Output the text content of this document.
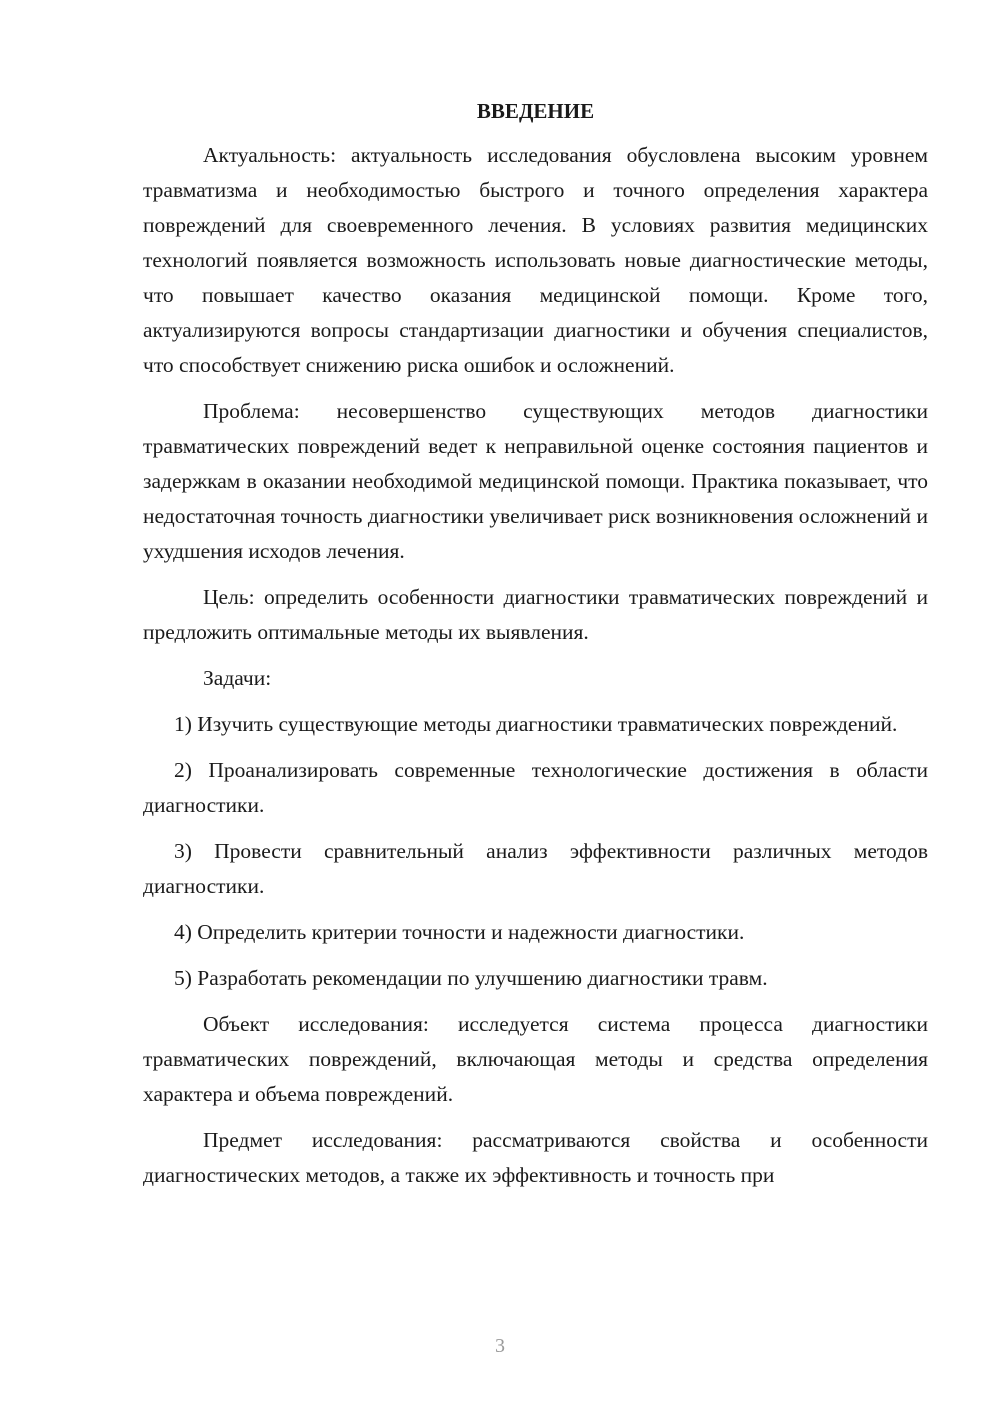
ВВЕДЕНИЕ

Актуальность: актуальность исследования обусловлена высоким уровнем травматизма и необходимостью быстрого и точного определения характера повреждений для своевременного лечения. В условиях развития медицинских технологий появляется возможность использовать новые диагностические методы, что повышает качество оказания медицинской помощи. Кроме того, актуализируются вопросы стандартизации диагностики и обучения специалистов, что способствует снижению риска ошибок и осложнений.

Проблема: несовершенство существующих методов диагностики травматических повреждений ведет к неправильной оценке состояния пациентов и задержкам в оказании необходимой медицинской помощи. Практика показывает, что недостаточная точность диагностики увеличивает риск возникновения осложнений и ухудшения исходов лечения.

Цель: определить особенности диагностики травматических повреждений и предложить оптимальные методы их выявления.

Задачи:

1) Изучить существующие методы диагностики травматических повреждений.

2) Проанализировать современные технологические достижения в области диагностики.

3) Провести сравнительный анализ эффективности различных методов диагностики.

4) Определить критерии точности и надежности диагностики.

5) Разработать рекомендации по улучшению диагностики травм.

Объект исследования: исследуется система процесса диагностики травматических повреждений, включающая методы и средства определения характера и объема повреждений.

Предмет исследования: рассматриваются свойства и особенности диагностических методов, а также их эффективность и точность при

3
